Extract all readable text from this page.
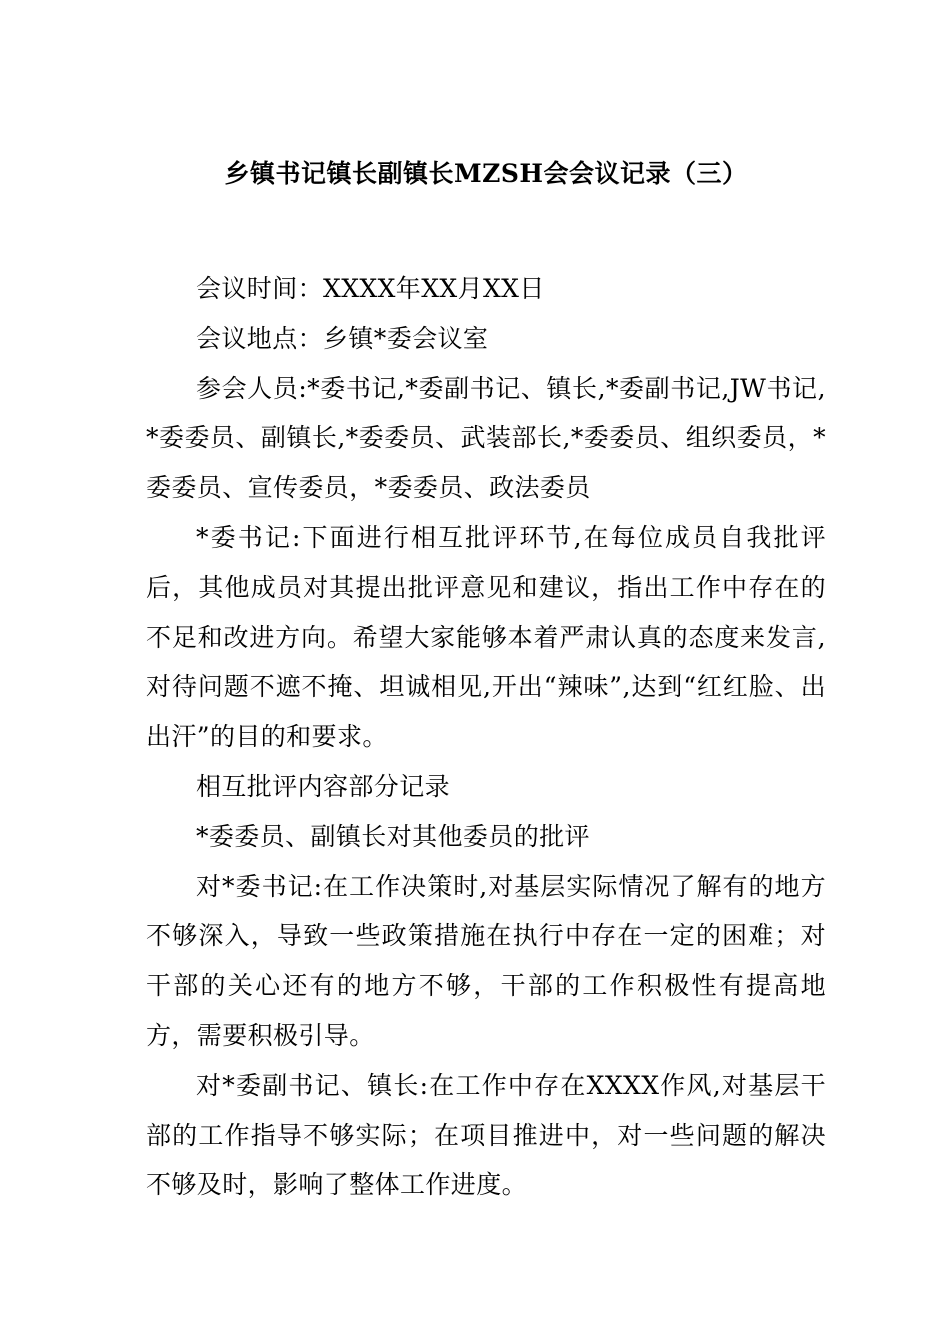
乡镇书记镇长副镇长MZSH会会议记录（三）

会议时间：XXXX年XX月XX日

会议地点：乡镇*委会议室

参会人员:*委书记,*委副书记、镇长,*委副书记,JW书记,*委委员、副镇长,*委委员、武装部长,*委委员、组织委员，*委委员、宣传委员，*委委员、政法委员

*委书记:下面进行相互批评环节,在每位成员自我批评后，其他成员对其提出批评意见和建议，指出工作中存在的不足和改进方向。希望大家能够本着严肃认真的态度来发言,对待问题不遮不掩、坦诚相见,开出“辣味”,达到“红红脸、出出汗”的目的和要求。

相互批评内容部分记录

*委委员、副镇长对其他委员的批评

对*委书记:在工作决策时,对基层实际情况了解有的地方不够深入，导致一些政策措施在执行中存在一定的困难；对干部的关心还有的地方不够，干部的工作积极性有提高地方，需要积极引导。

对*委副书记、镇长:在工作中存在XXXX作风,对基层干部的工作指导不够实际；在项目推进中，对一些问题的解决不够及时，影响了整体工作进度。
